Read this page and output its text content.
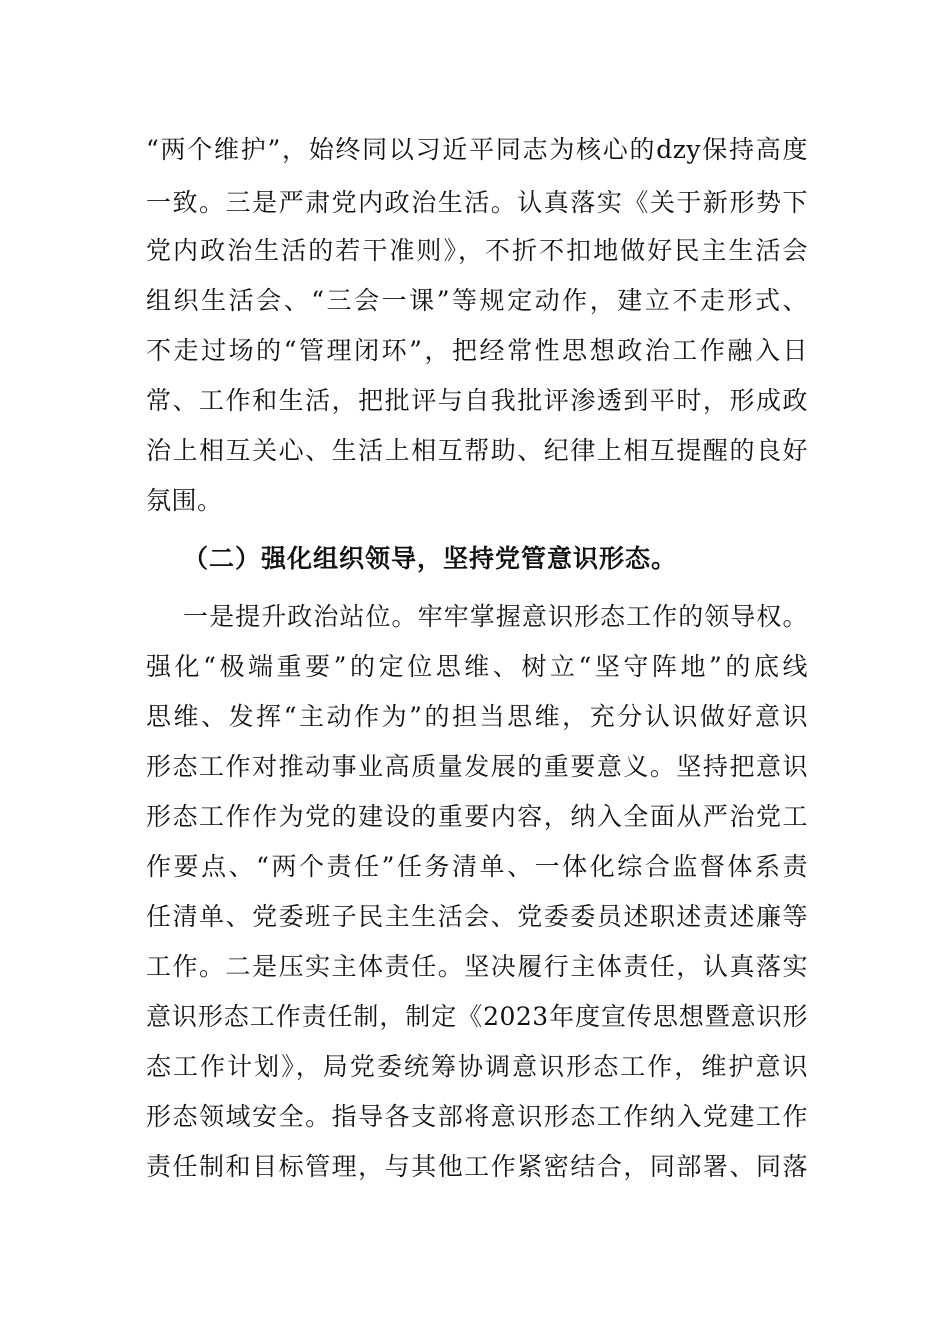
“两个维护”，始终同以习近平同志为核心的dzy保持高度
一致。三是严肃党内政治生活。认真落实《关于新形势下
党内政治生活的若干准则》，不折不扣地做好民主生活会
组织生活会、“三会一课”等规定动作，建立不走形式、
不走过场的“管理闭环”，把经常性思想政治工作融入日
常、工作和生活，把批评与自我批评渗透到平时，形成政
治上相互关心、生活上相互帮助、纪律上相互提醒的良好
氛围。
（二）强化组织领导，坚持党管意识形态。
一是提升政治站位。牢牢掌握意识形态工作的领导权。
强化“极端重要”的定位思维、树立“坚守阵地”的底线
思维、发挥“主动作为”的担当思维，充分认识做好意识
形态工作对推动事业高质量发展的重要意义。坚持把意识
形态工作作为党的建设的重要内容，纳入全面从严治党工
作要点、“两个责任”任务清单、一体化综合监督体系责
任清单、党委班子民主生活会、党委委员述职述责述廉等
工作。二是压实主体责任。坚决履行主体责任，认真落实
意识形态工作责任制，制定《2023年度宣传思想暨意识形
态工作计划》，局党委统筹协调意识形态工作，维护意识
形态领域安全。指导各支部将意识形态工作纳入党建工作
责任制和目标管理，与其他工作紧密结合，同部署、同落
